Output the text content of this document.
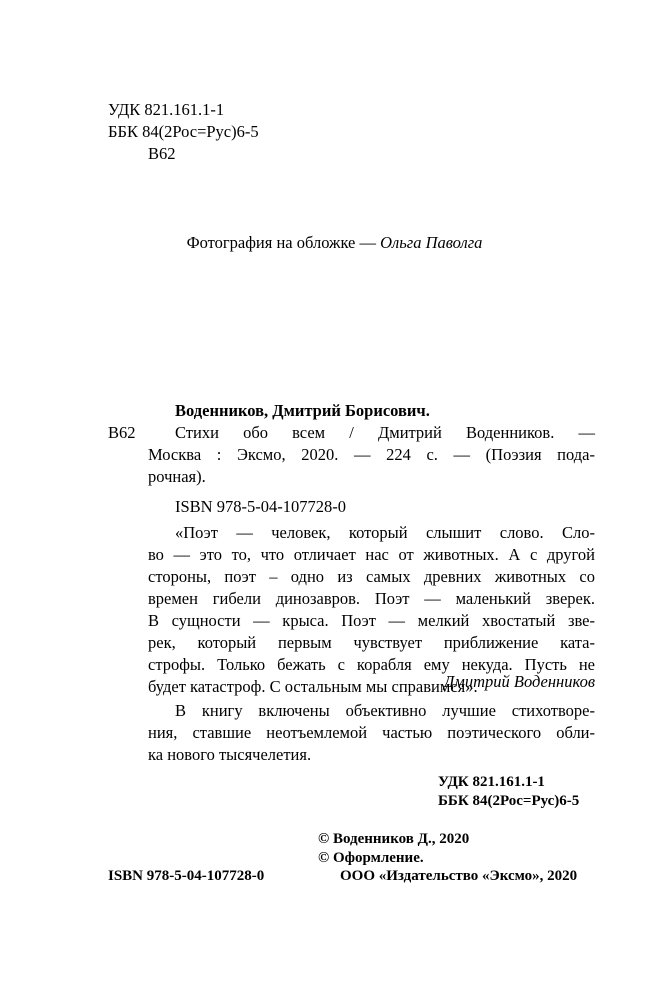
УДК 821.161.1-1
ББК 84(2Рос=Рус)6-5
В62
Фотография на обложке — Ольга Паволга
Воденников, Дмитрий Борисович.
В62 Стихи обо всем / Дмитрий Воденников. —
Москва : Эксмо, 2020. — 224 с. — (Поэзия пода-
рочная).
ISBN 978-5-04-107728-0
«Поэт — человек, который слышит слово. Сло-
во — это то, что отличает нас от животных. А с другой
стороны, поэт – одно из самых древних животных со
времен гибели динозавров. Поэт — маленький зверек.
В сущности — крыса. Поэт — мелкий хвостатый зве-
рек, который первым чувствует приближение ката-
строфы. Только бежать с корабля ему некуда. Пусть не
будет катастроф. С остальным мы справимся».
Дмитрий Воденников
В книгу включены объективно лучшие стихотворе-
ния, ставшие неотъемлемой частью поэтического обли-
ка нового тысячелетия.
УДК 821.161.1-1
ББК 84(2Рос=Рус)6-5
© Воденников Д., 2020
© Оформление.
ООО «Издательство «Эксмо», 2020
ISBN 978-5-04-107728-0
